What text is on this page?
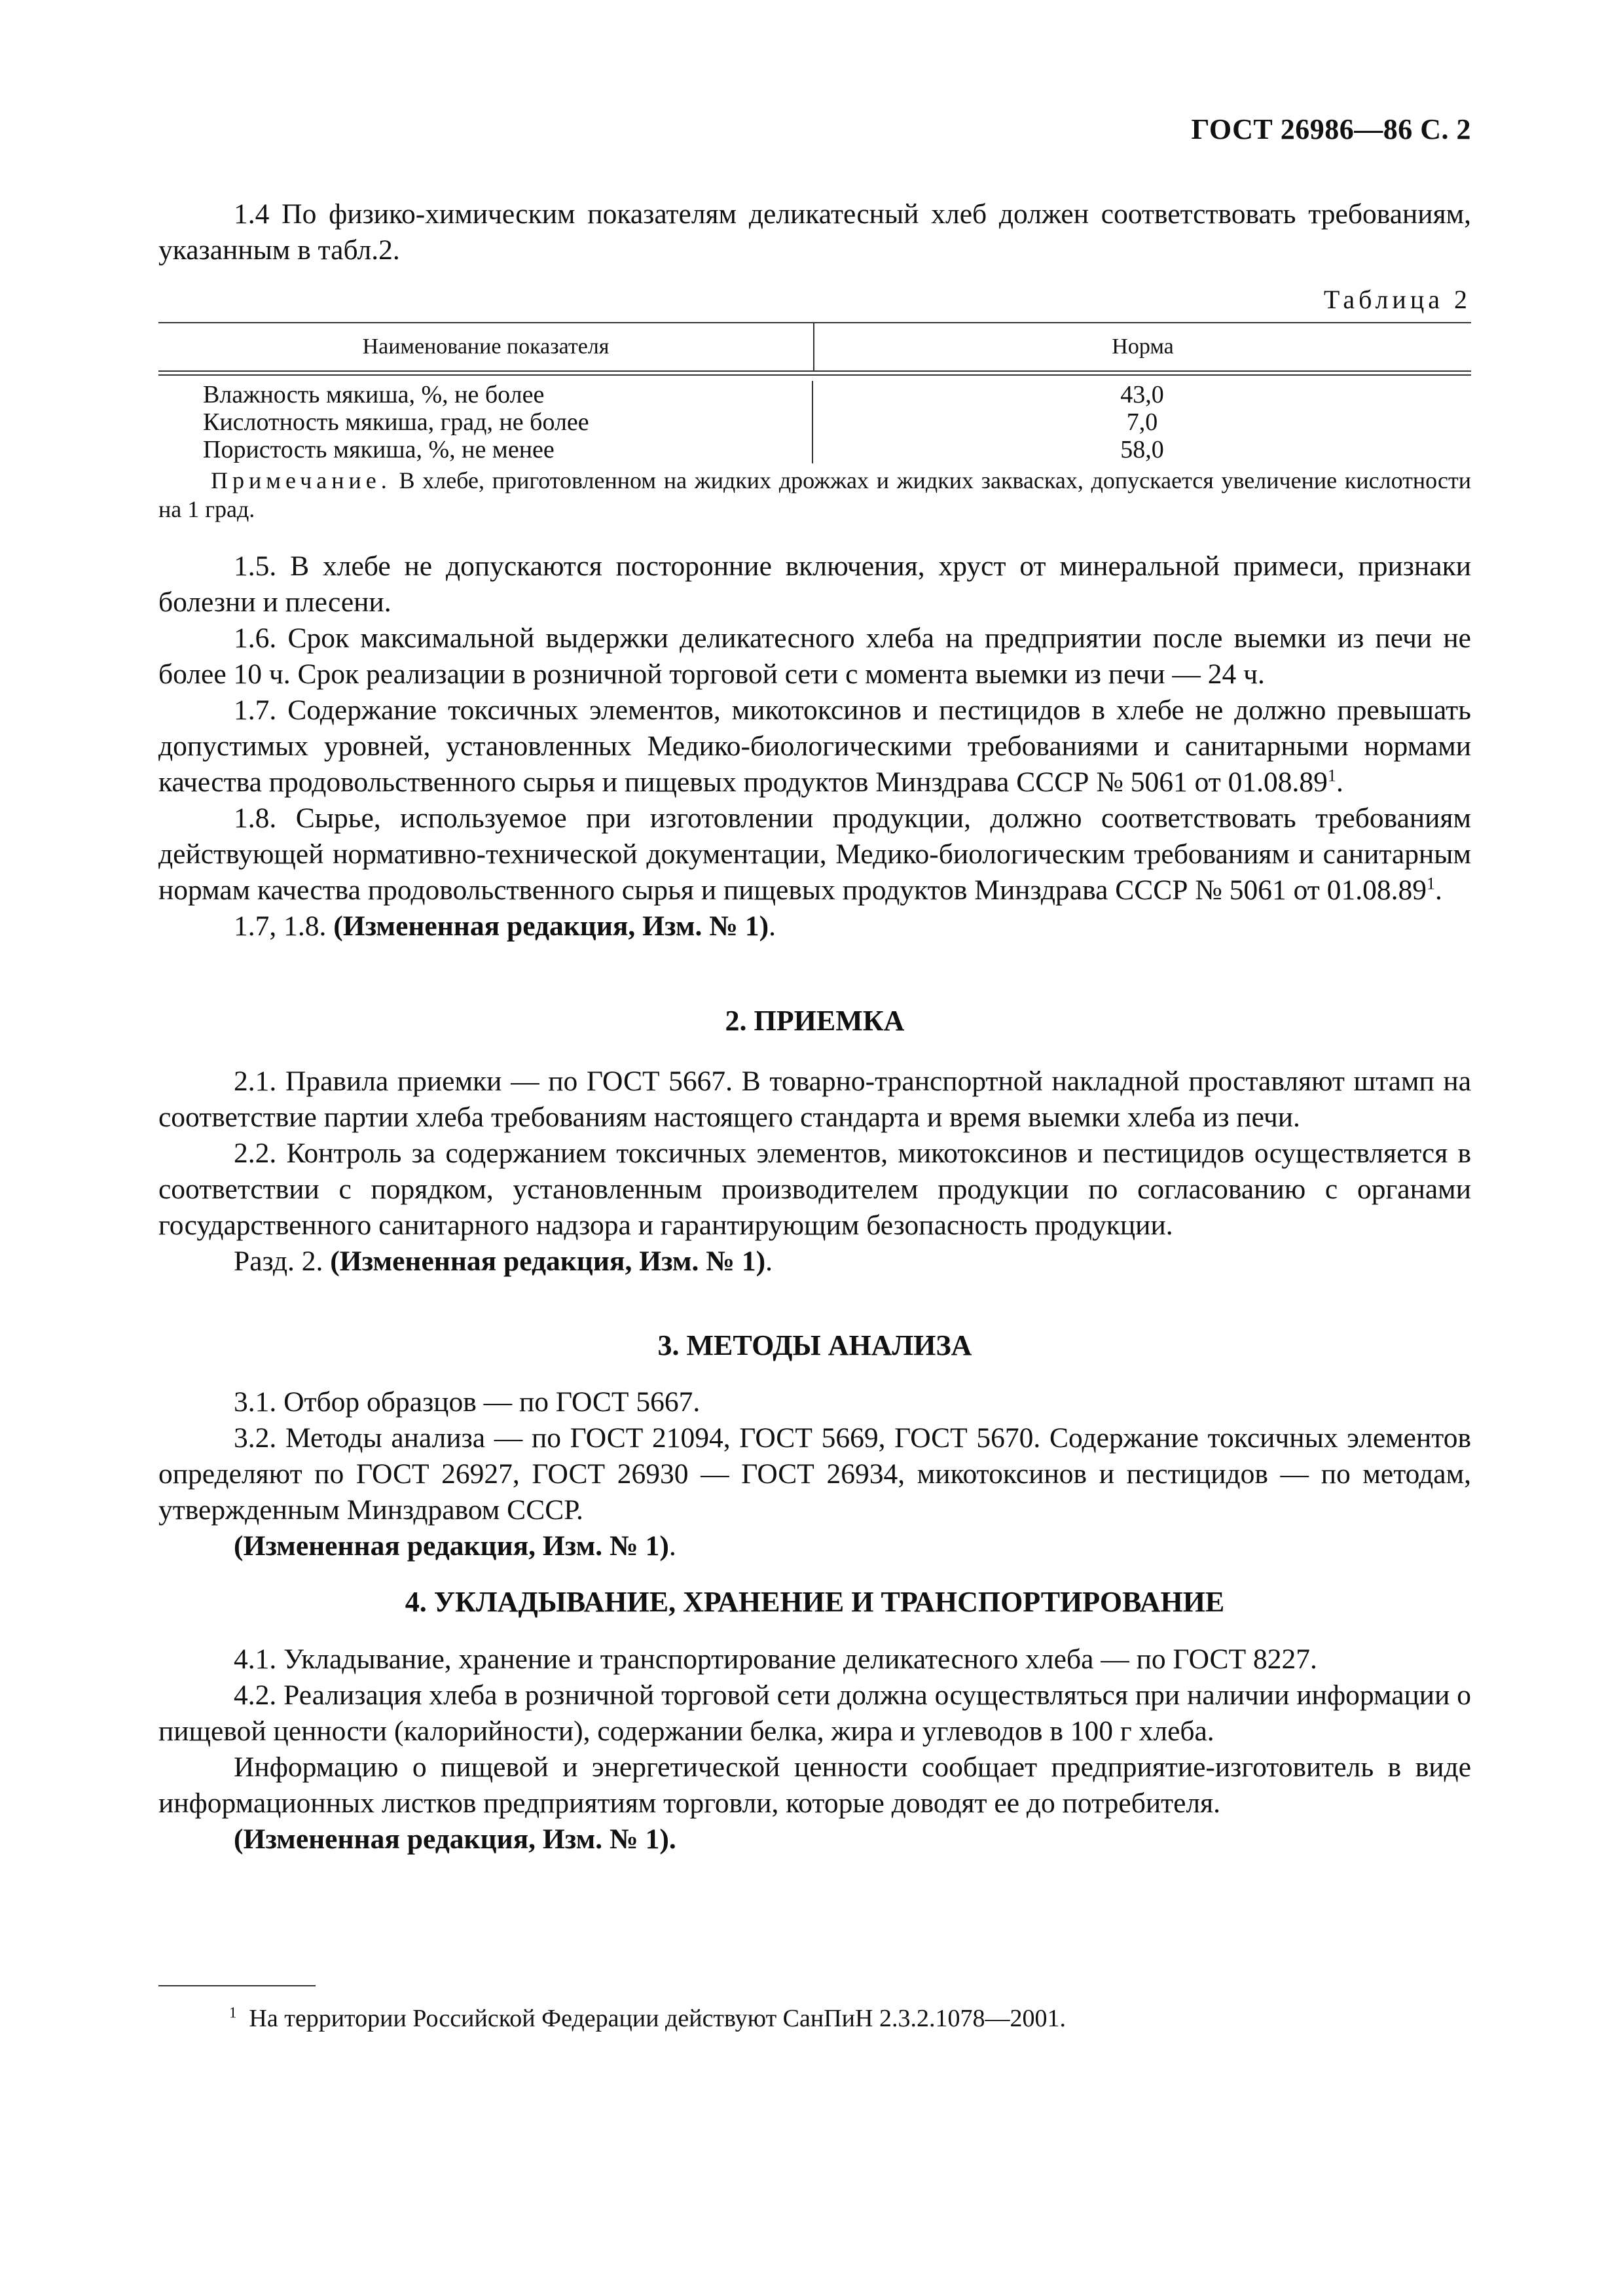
ГОСТ 26986—86 С. 2

1.4 По физико-химическим показателям деликатесный хлеб должен соответствовать требованиям, указанным в табл.2.

Таблица 2
Наименование показателя	Норма
Влажность мякиша, %, не более
Кислотность мякиша, град, не более
Пористость мякиша, %, не менее
43,0
7,0
58,0
Примечание. В хлебе, приготовленном на жидких дрожжах и жидких заквасках, допускается увеличение кислотности на 1 град.

1.5. В хлебе не допускаются посторонние включения, хруст от минеральной примеси, признаки болезни и плесени.

1.6. Срок максимальной выдержки деликатесного хлеба на предприятии после выемки из печи не более 10 ч. Срок реализации в розничной торговой сети с момента выемки из печи — 24 ч.

1.7. Содержание токсичных элементов, микотоксинов и пестицидов в хлебе не должно превышать допустимых уровней, установленных Медико-биологическими требованиями и санитарными нормами качества продовольственного сырья и пищевых продуктов Минздрава СССР № 5061 от 01.08.89$^1$.

1.8. Сырье, используемое при изготовлении продукции, должно соответствовать требованиям действующей нормативно-технической документации, Медико-биологическим требованиям и санитарным нормам качества продовольственного сырья и пищевых продуктов Минздрава СССР № 5061 от 01.08.89$^1$.

1.7, 1.8. (Измененная редакция, Изм. № 1).

2. ПРИЕМКА

2.1. Правила приемки — по ГОСТ 5667. В товарно-транспортной накладной проставляют штамп на соответствие партии хлеба требованиям настоящего стандарта и время выемки хлеба из печи.

2.2. Контроль за содержанием токсичных элементов, микотоксинов и пестицидов осуществляется в соответствии с порядком, установленным производителем продукции по согласованию с органами государственного санитарного надзора и гарантирующим безопасность продукции.

Разд. 2. (Измененная редакция, Изм. № 1).

3. МЕТОДЫ АНАЛИЗА

3.1. Отбор образцов — по ГОСТ 5667.

3.2. Методы анализа — по ГОСТ 21094, ГОСТ 5669, ГОСТ 5670. Содержание токсичных элементов определяют по ГОСТ 26927, ГОСТ 26930 — ГОСТ 26934, микотоксинов и пестицидов — по методам, утвержденным Минздравом СССР.

(Измененная редакция, Изм. № 1).

4. УКЛАДЫВАНИЕ, ХРАНЕНИЕ И ТРАНСПОРТИРОВАНИЕ

4.1. Укладывание, хранение и транспортирование деликатесного хлеба — по ГОСТ 8227.

4.2. Реализация хлеба в розничной торговой сети должна осуществляться при наличии информации о пищевой ценности (калорийности), содержании белка, жира и углеводов в 100 г хлеба.

Информацию о пищевой и энергетической ценности сообщает предприятие-изготовитель в виде информационных листков предприятиям торговли, которые доводят ее до потребителя.

(Измененная редакция, Изм. № 1).

$^1$ На территории Российской Федерации действуют СанПиН 2.3.2.1078—2001.
